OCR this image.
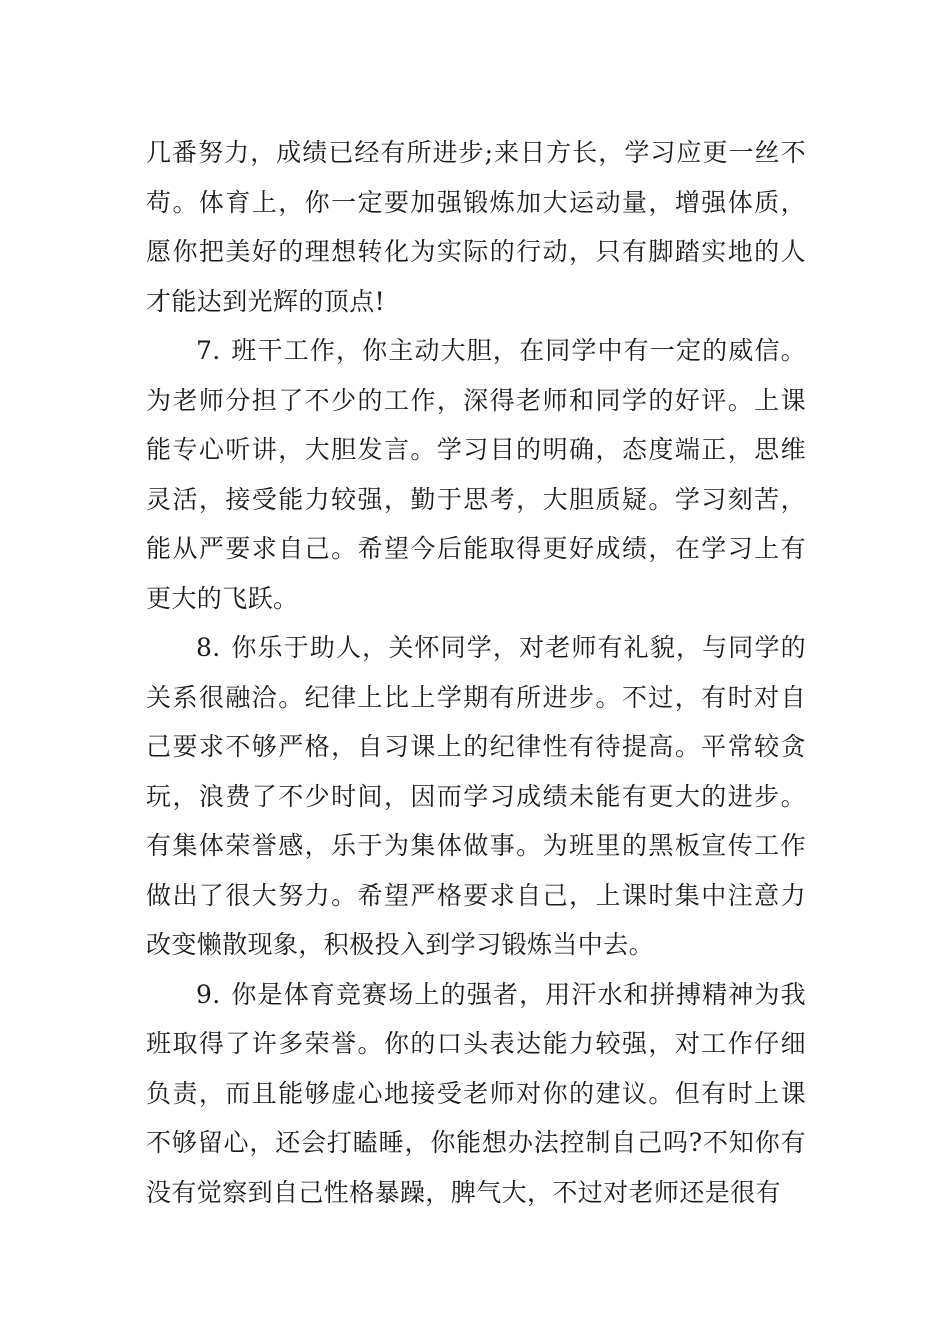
几番努力，成绩已经有所进步;来日方长，学习应更一丝不苟。体育上，你一定要加强锻炼加大运动量，增强体质，愿你把美好的理想转化为实际的行动，只有脚踏实地的人才能达到光辉的顶点!

7. 班干工作，你主动大胆，在同学中有一定的威信。为老师分担了不少的工作，深得老师和同学的好评。上课能专心听讲，大胆发言。学习目的明确，态度端正，思维灵活，接受能力较强，勤于思考，大胆质疑。学习刻苦，能从严要求自己。希望今后能取得更好成绩，在学习上有更大的飞跃。

8. 你乐于助人，关怀同学，对老师有礼貌，与同学的关系很融洽。纪律上比上学期有所进步。不过，有时对自己要求不够严格，自习课上的纪律性有待提高。平常较贪玩，浪费了不少时间，因而学习成绩未能有更大的进步。有集体荣誉感，乐于为集体做事。为班里的黑板宣传工作做出了很大努力。希望严格要求自己，上课时集中注意力改变懒散现象，积极投入到学习锻炼当中去。

9. 你是体育竞赛场上的强者，用汗水和拼搏精神为我班取得了许多荣誉。你的口头表达能力较强，对工作仔细负责，而且能够虚心地接受老师对你的建议。但有时上课不够留心，还会打瞌睡，你能想办法控制自己吗?不知你有没有觉察到自己性格暴躁，脾气大，不过对老师还是很有
